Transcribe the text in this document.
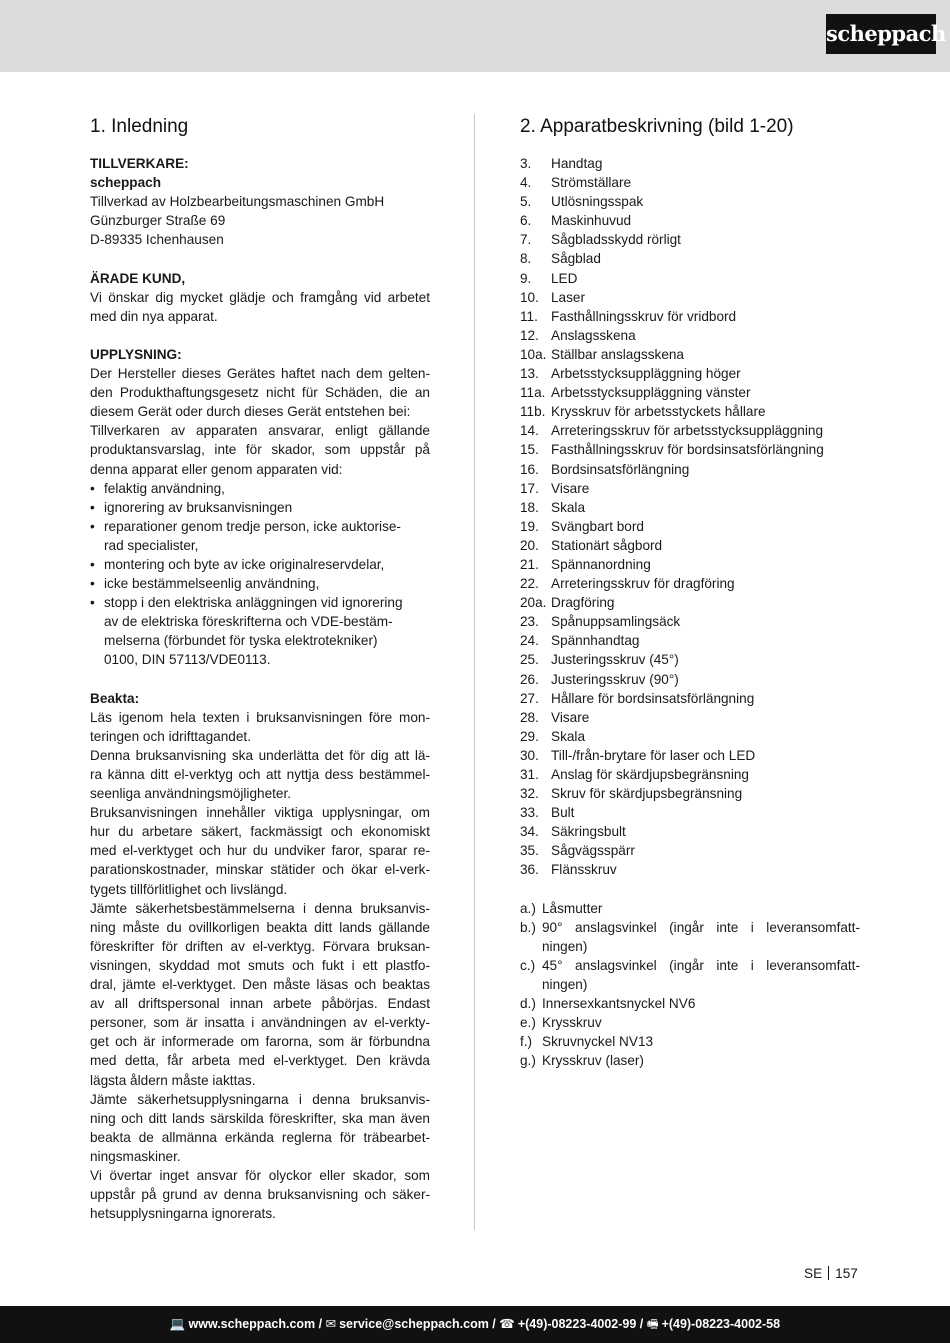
scheppach
1. Inledning
TILLVERKARE:
scheppach
Tillverkad av Holzbearbeitungsmaschinen GmbH
Günzburger Straße 69
D-89335 Ichenhausen
ÄRADE KUND,
Vi önskar dig mycket glädje och framgång vid arbetet
med din nya apparat.
UPPLYSNING:
Der Hersteller dieses Gerätes haftet nach dem gelten-
den Produkthaftungsgesetz nicht für Schäden, die an
diesem Gerät oder durch dieses Gerät entstehen bei:
Tillverkaren av apparaten ansvarar, enligt gällande
produktansvarslag, inte för skador, som uppstår på
denna apparat eller genom apparaten vid:
• felaktig användning,
• ignorering av bruksanvisningen
• reparationer genom tredje person, icke auktorise-
rad specialister,
• montering och byte av icke originalreservdelar,
• icke bestämmelseenlig användning,
• stopp i den elektriska anläggningen vid ignorering
av de elektriska föreskrifterna och VDE-bestäm-
melserna (förbundet för tyska elektrotekniker)
0100, DIN 57113/VDE0113.
Beakta:
Läs igenom hela texten i bruksanvisningen före mon-
teringen och idrifttagandet.
Denna bruksanvisning ska underlätta det för dig att lä-
ra känna ditt el-verktyg och att nyttja dess bestämmel-
seenliga användningsmöjligheter.
Bruksanvisningen innehåller viktiga upplysningar, om
hur du arbetare säkert, fackmässigt och ekonomiskt
med el-verktyget och hur du undviker faror, sparar re-
parationskostnader, minskar stätider och ökar el-verk-
tygets tillförlitlighet och livslängd.
Jämte säkerhetsbestämmelserna i denna bruksanvis-
ning måste du ovillkorligen beakta ditt lands gällande
föreskrifter för driften av el-verktyg. Förvara bruksan-
visningen, skyddad mot smuts och fukt i ett plastfo-
dral, jämte el-verktyget. Den måste läsas och beaktas
av all driftspersonal innan arbete påbörjas. Endast
personer, som är insatta i användningen av el-verkty-
get och är informerade om farorna, som är förbundna
med detta, får arbeta med el-verktyget. Den krävda
lägsta åldern måste iakttas.
Jämte säkerhetsupplysningarna i denna bruksanvis-
ning och ditt lands särskilda föreskrifter, ska man även
beakta de allmänna erkända reglerna för träbearbet-
ningsmaskiner.
Vi övertar inget ansvar för olyckor eller skador, som
uppstår på grund av denna bruksanvisning och säker-
hetsupplysningarna ignorerats.
2. Apparatbeskrivning (bild 1-20)
3.	Handtag
4.	Strömställare
5.	Utlösningsspak
6.	Maskinhuvud
7.	Sågbladsskydd rörligt
8.	Sågblad
9.	LED
10. Laser
11. Fasthållningsskruv för vridbord
12. Anslagsskena
10a. Ställbar anslagsskena
13. Arbetsstycksuppläggning höger
11a. Arbetsstycksuppläggning vänster
11b. Krysskruv för arbetsstyckets hållare
14. Arreteringsskruv för arbetsstycksuppläggning
15. Fasthållningsskruv för bordsinsatsförlängning
16. Bordsinsatsförlängning
17. Visare
18. Skala
19. Svängbart bord
20. Stationärt sågbord
21. Spännanordning
22. Arreteringsskruv för dragföring
20a. Dragföring
23. Spånuppsamlingsäck
24. Spännhandtag
25. Justeringsskruv (45°)
26. Justeringsskruv (90°)
27. Hållare för bordsinsatsförlängning
28. Visare
29. Skala
30. Till-/från-brytare för laser och LED
31. Anslag för skärdjupsbegränsning
32. Skruv för skärdjupsbegränsning
33. Bult
34. Säkringsbult
35. Sågvägsspärr
36. Flänsskruv
a.) Låsmutter
b.) 90° anslagsvinkel (ingår inte i leveransomfatt-
ningen)
c.) 45° anslagsvinkel (ingår inte i leveransomfatt-
ningen)
d.) Innersexkantsnyckel NV6
e.) Krysskruv
f.) Skruvnyckel NV13
g.) Krysskruv (laser)
SE 157
💻 www.scheppach.com / ✉ service@scheppach.com / ☎ +(49)-08223-4002-99 / 🖷 +(49)-08223-4002-58
